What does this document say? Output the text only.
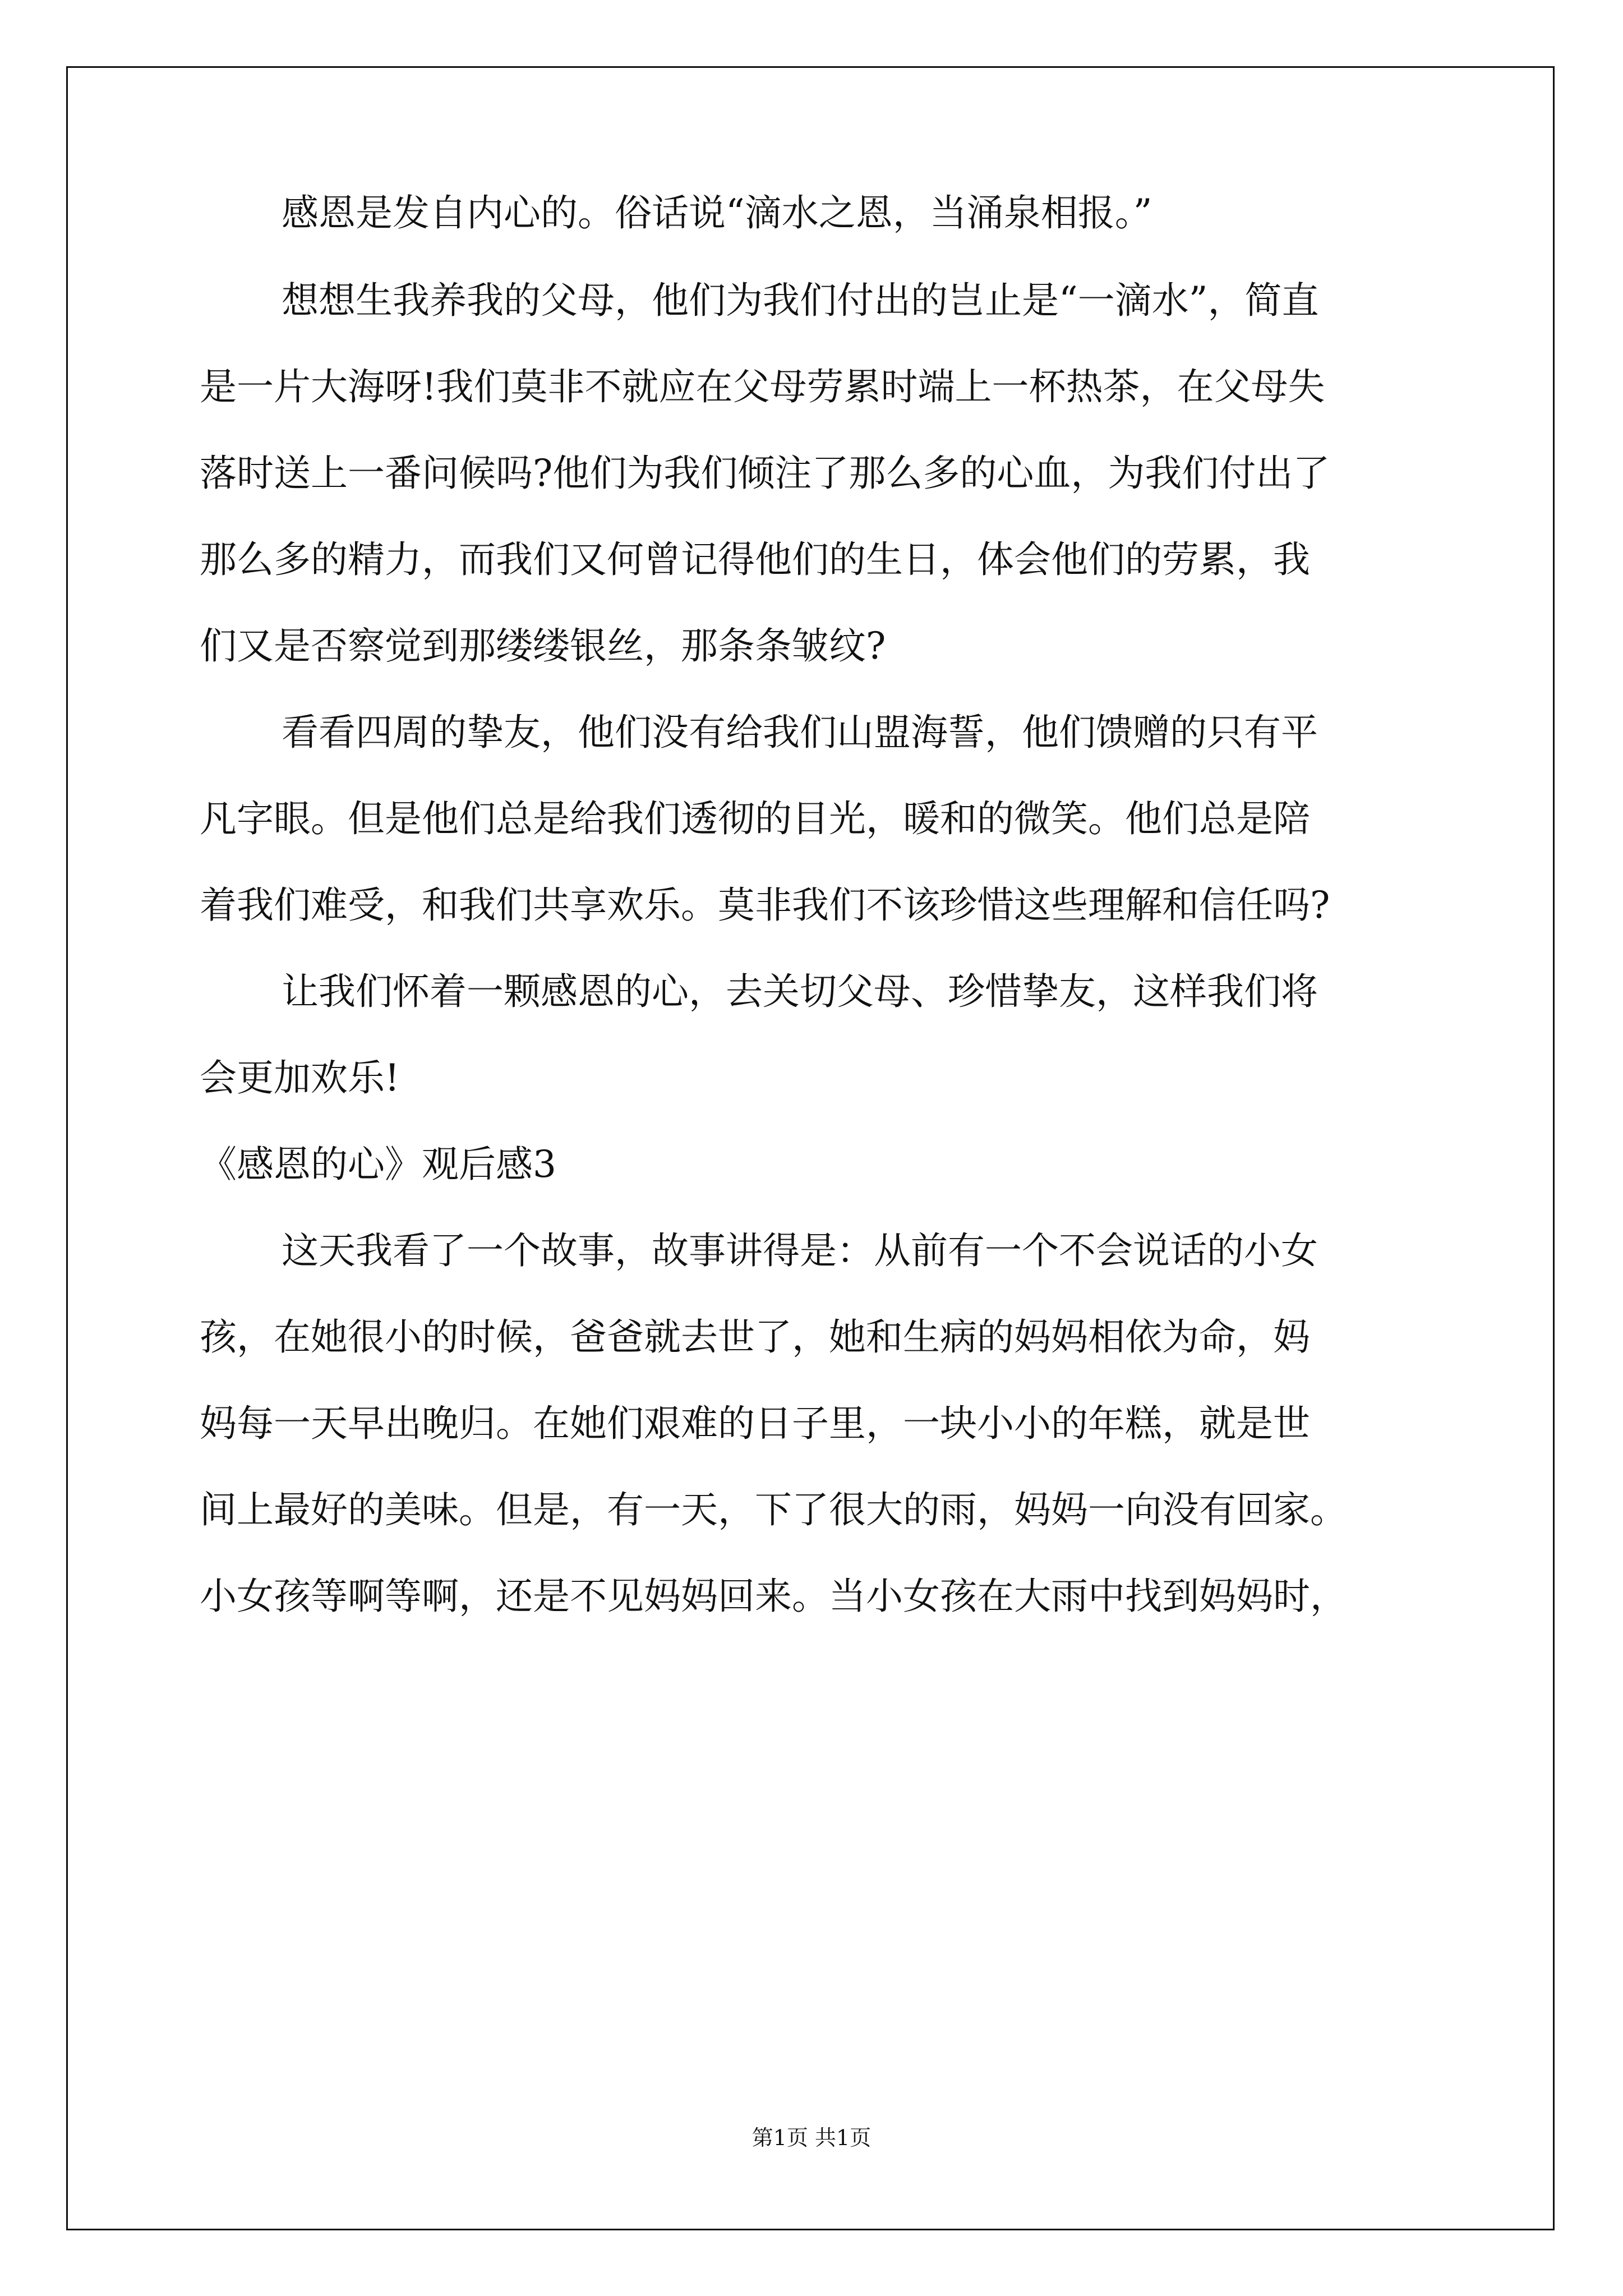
感恩是发自内心的。俗话说“滴水之恩，当涌泉相报。”
想想生我养我的父母，他们为我们付出的岂止是“一滴水”，简直
是一片大海呀!我们莫非不就应在父母劳累时端上一杯热茶，在父母失
落时送上一番问候吗?他们为我们倾注了那么多的心血，为我们付出了
那么多的精力，而我们又何曾记得他们的生日，体会他们的劳累，我
们又是否察觉到那缕缕银丝，那条条皱纹?
看看四周的挚友，他们没有给我们山盟海誓，他们馈赠的只有平
凡字眼。但是他们总是给我们透彻的目光，暖和的微笑。他们总是陪
着我们难受，和我们共享欢乐。莫非我们不该珍惜这些理解和信任吗?
让我们怀着一颗感恩的心，去关切父母、珍惜挚友，这样我们将
会更加欢乐!
《感恩的心》观后感3
这天我看了一个故事，故事讲得是：从前有一个不会说话的小女
孩，在她很小的时候，爸爸就去世了，她和生病的妈妈相依为命，妈
妈每一天早出晚归。在她们艰难的日子里，一块小小的年糕，就是世
间上最好的美味。但是，有一天，下了很大的雨，妈妈一向没有回家。
小女孩等啊等啊，还是不见妈妈回来。当小女孩在大雨中找到妈妈时，
第1页 共1页
